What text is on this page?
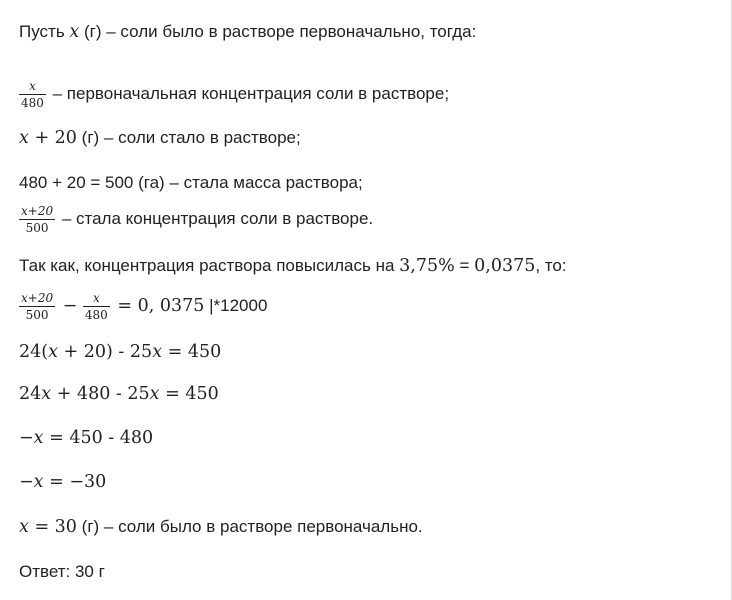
Пусть x (г) – соли было в растворе первоначально, тогда:
$\frac{x}{480}$ – первоначальная концентрация соли в растворе;
x + 20 (г) – соли стало в растворе;
480 + 20 = 500 (га) – стала масса раствора;
$\frac{x+20}{500}$ – стала концентрация соли в растворе.
Так как, концентрация раствора повысилась на 3,75% = 0,0375, то:
$\frac{x+20}{500} - \frac{x}{480} = 0$, 0375 |*12000
24(x + 20) - 25x = 450
24x + 480 - 25x = 450
−x = 450 - 480
−x = −30
x = 30 (г) – соли было в растворе первоначально.
Ответ: 30 г
